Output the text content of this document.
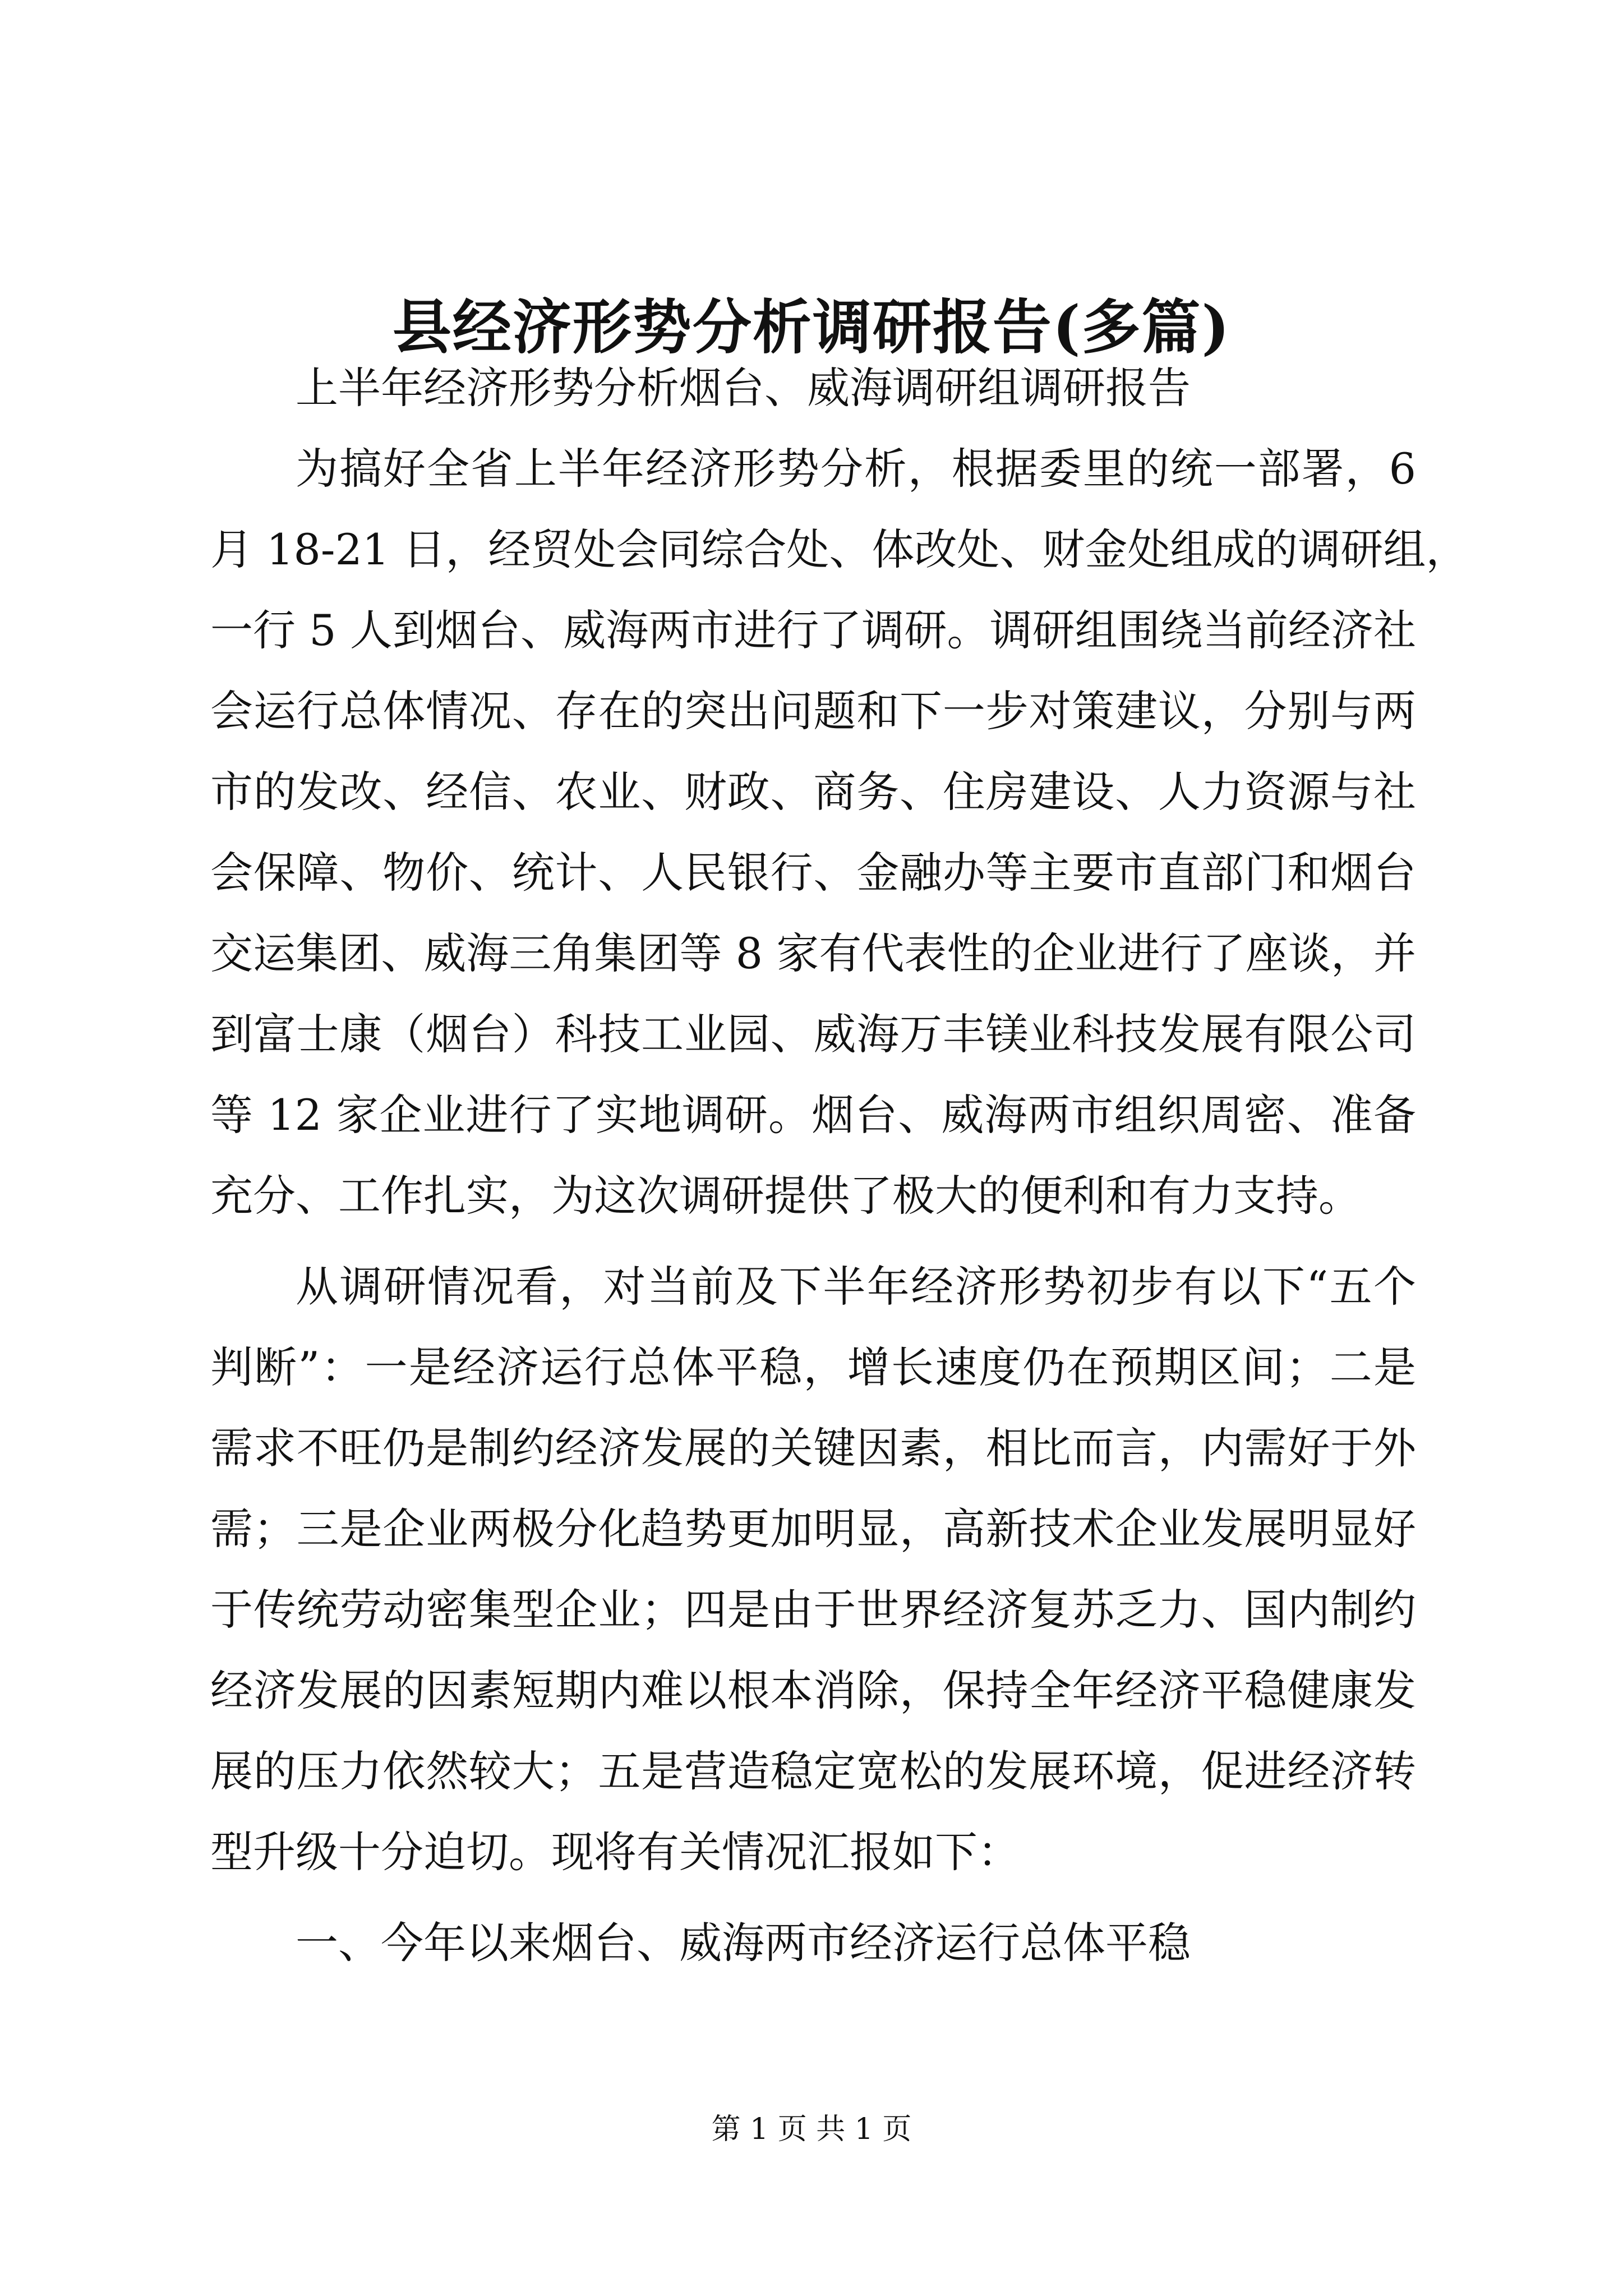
县经济形势分析调研报告(多篇)
上半年经济形势分析烟台、威海调研组调研报告
为搞好全省上半年经济形势分析，根据委里的统一部署，6
月 18-21 日，经贸处会同综合处、体改处、财金处组成的调研组，
一行 5 人到烟台、威海两市进行了调研。调研组围绕当前经济社
会运行总体情况、存在的突出问题和下一步对策建议，分别与两
市的发改、经信、农业、财政、商务、住房建设、人力资源与社
会保障、物价、统计、人民银行、金融办等主要市直部门和烟台
交运集团、威海三角集团等 8 家有代表性的企业进行了座谈，并
到富士康（烟台）科技工业园、威海万丰镁业科技发展有限公司
等 12 家企业进行了实地调研。烟台、威海两市组织周密、准备
充分、工作扎实，为这次调研提供了极大的便利和有力支持。
从调研情况看，对当前及下半年经济形势初步有以下“五个
判断”：一是经济运行总体平稳，增长速度仍在预期区间；二是
需求不旺仍是制约经济发展的关键因素，相比而言，内需好于外
需；三是企业两极分化趋势更加明显，高新技术企业发展明显好
于传统劳动密集型企业；四是由于世界经济复苏乏力、国内制约
经济发展的因素短期内难以根本消除，保持全年经济平稳健康发
展的压力依然较大；五是营造稳定宽松的发展环境，促进经济转
型升级十分迫切。现将有关情况汇报如下：
一、今年以来烟台、威海两市经济运行总体平稳
第 1 页 共 1 页
